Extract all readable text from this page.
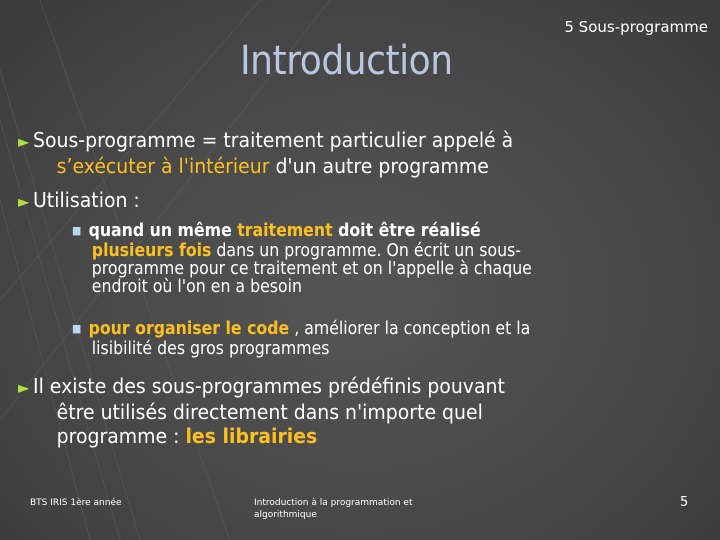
5 Sous-programme
Introduction
► Sous-programme = traitement particulier appelé à
s’exécuter à l'intérieur d'un autre programme
► Utilisation :
■ quand un même traitement doit être réalisé
plusieurs fois dans un programme. On écrit un sous-
programme pour ce traitement et on l'appelle à chaque
endroit où l'on en a besoin
■ pour organiser le code , améliorer la conception et la
lisibilité des gros programmes
► Il existe des sous-programmes prédéfinis pouvant
être utilisés directement dans n'importe quel
programme : les librairies
BTS IRIS 1ère année	Introduction à la programmation et algorithmique
5
